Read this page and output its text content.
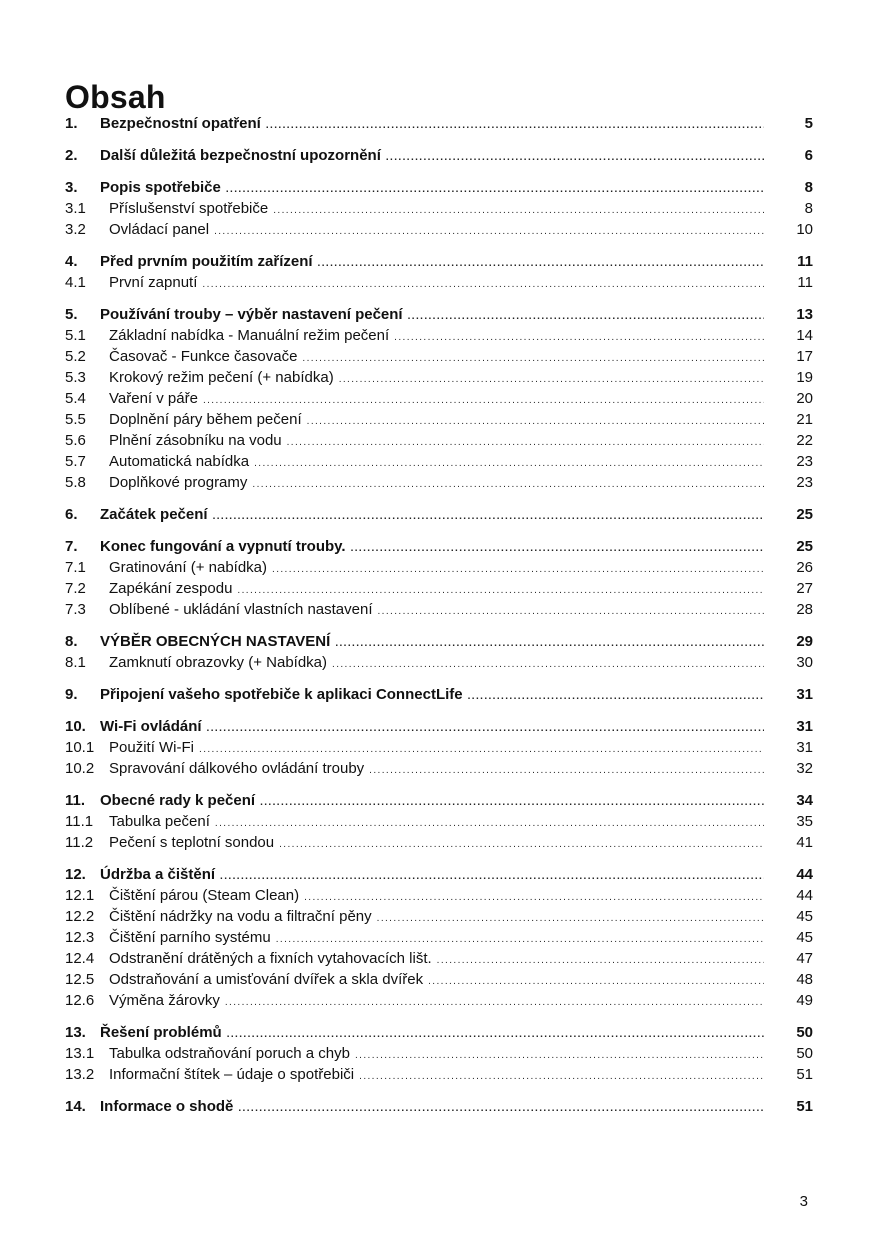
Obsah
1.	Bezpečnostní opatření .....	5
2.	Další důležitá bezpečnostní upozornění .....	6
3.	Popis spotřebiče .....	8
3.1	Příslušenství spotřebiče .....	8
3.2	Ovládací panel .....	10
4.	Před prvním použitím zařízení .....	11
4.1	První zapnutí .....	11
5.	Používání trouby – výběr nastavení pečení .....	13
5.1	Základní nabídka - Manuální režim pečení .....	14
5.2	Časovač - Funkce časovače .....	17
5.3	Krokový režim pečení (+ nabídka) .....	19
5.4	Vaření v páře .....	20
5.5	Doplnění páry během pečení .....	21
5.6	Plnění zásobníku na vodu .....	22
5.7	Automatická nabídka .....	23
5.8	Doplňkové programy .....	23
6.	Začátek pečení .....	25
7.	Konec fungování a vypnutí trouby. .....	25
7.1	Gratinování (+ nabídka) .....	26
7.2	Zapékání zespodu .....	27
7.3	Oblíbené - ukládání vlastních nastavení .....	28
8.	VÝBĚR OBECNÝCH NASTAVENÍ .....	29
8.1	Zamknutí obrazovky (+ Nabídka) .....	30
9.	Připojení vašeho spotřebiče k aplikaci ConnectLife .....	31
10. Wi-Fi ovládání .....	31
10.1 Použití Wi-Fi .....	31
10.2 Spravování dálkového ovládání trouby .....	32
11. Obecné rady k pečení .....	34
11.1	Tabulka pečení .....	35
11.2	Pečení s teplotní sondou .....	41
12. Údržba a čištění .....	44
12.1 Čištění párou (Steam Clean) .....	44
12.2 Čištění nádržky na vodu a filtrační pěny .....	45
12.3 Čištění parního systému .....	45
12.4 Odstranění drátěných a fixních vytahovacích lišt. .....	47
12.5 Odstraňování a umisťování dvířek a skla dvířek .....	48
12.6 Výměna žárovky .....	49
13. Řešení problémů .....	50
13.1 Tabulka odstraňování poruch a chyb .....	50
13.2 Informační štítek – údaje o spotřebiči .....	51
14. Informace o shodě .....	51
3
